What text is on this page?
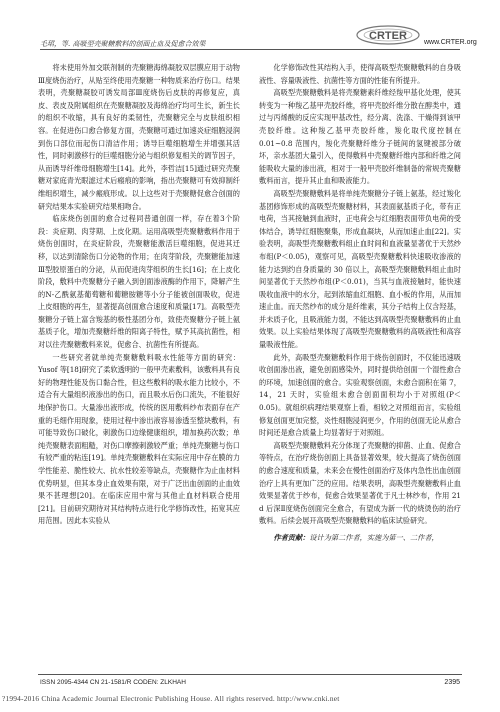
毛珺，等. 高吸型壳聚糖敷料的创面止血及促愈合效果
CRTER
www.CRTER.org

将未使用外加交联剂制的壳聚糖海绵凝胶双层膜应用于动物Ⅲ度烧伤治疗，从贴至终使用壳聚糖一种物质来治疗伤口。结果表明，壳聚糖凝胶可诱发局部Ⅲ度烧伤后皮肤的再修复应，真皮、表皮及附属组织在壳聚糖凝胶及海绵治疗均可生长，新生长的组织不收缩，具有良好的柔韧性，壳聚糖完全与皮肤组织相容。在促进伤口愈合修复方面，壳聚糖可通过加速炎症细胞浸润到伤口部位而起伤口清洁作用；诱导巨噬细胞增生并增强其活性，同时刺激移行的巨噬细胞分泌与组织修复相关的调节因子，从而诱导纤维母细胞增生[14]。此外，李哲洁[15]通过研究壳聚糖对家庭青光眼滤过术后瘢痕的影响，指出壳聚糖可有效抑制纤维组织增生，减少瘢痕形成。以上这些对于壳聚糖促愈合创面的研究结果本实验研究结果相吻合。

临床烧伤创面的愈合过程同普通创面一样，存在着3个阶段：炎症期、肉芽期、上皮化期。运用高吸型壳聚糖敷料作用于烧伤创面时，在炎症阶段，壳聚糖能激活巨噬细胞，促进其迁移，以达到清除伤口分泌物的作用；在肉芽阶段，壳聚糖能加速Ⅲ型胶原蛋白的分泌，从而促进肉芽组织的生长[16]；在上皮化阶段，敷料中壳聚糖分子融入到创面渗液酶的作用下，降解产生的N-乙酰氨基葡萄糖和葡糖胺糖等小分子能被创面吸收，促进上皮细胞的再生，显著提高创面愈合速度和质量[17]。高吸型壳聚糖分子链上富含羧基的极性基团分布，致使壳聚糖分子链上氨基质子化，增加壳聚糖纤维的阳离子特性，赋予其高抗菌性，相对以往壳聚糖敷料来说，促愈合、抗菌性有所提高。

一些研究者就单纯壳聚糖敷料吸水性能等方面的研究：Yusof 等[18]研究了柔软透明的一般甲壳素敷料，该敷料具有良好的物理性能及伤口黏合性，但这些敷料的吸水能力比较小，不适合有大量组织液渗出的伤口，而且吸水后伤口流失，不能很好地保护伤口。大量渗出液形成，传统的医用敷料纱布表面存在产重的毛细作用现象，使用过程中渗出液容易渗透至整块敷料，有可能导致伤口破化，刺激伤口边缘健康组织，增加换药次数；单纯壳聚糖表面粗糙，对伤口摩擦刺激较严重；单纯壳聚糖与伤口有较严重的粘连[19]。单纯壳聚糖敷料在实际应用中存在膜的力学性能差、脆性较大、抗水性较差等缺点，壳聚糖作为止血材料优势明显，但其本身止血效果有限，对于广泛出血创面的止血效果不甚理想[20]。在临床应用中常与其他止血材料联合使用[21]。目前研究期待对其结构特点进行化学修饰改性，拓宽其应用范围。因此本实验从

化学修饰改性其结构入手，使得高吸型壳聚糖敷料的自身吸液性、容量吸液性、抗菌性等方面的性能有所提升。

高吸型壳聚糖敷料是将壳聚糖素纤维经羧甲基化处理，使其转变为一种羧乙基甲壳胶纤维，将甲壳胶纤维分散在醇类中，通过与丙烯酸的反应实现甲基改性，经分离、洗涤、干燥得到该甲壳胶纤维。这种羧乙基甲壳胶纤维，羧化取代度控制在 0.01~0.8 范围内，羧化壳聚糖纤维分子链间的氢键被部分破坏，亲水基团大量引入，使得敷料中壳聚糖纤维内部和纤维之间能吸收大量的渗出液，相对于一般甲壳胶纤维制备的常规壳聚糖敷料而言，提升其止血和吸液能力。

高吸型壳聚糖敷料是将单纯壳聚糖分子链上氨基，经过羧化基团修饰形成的高吸型壳聚糖材料，其表面氨基质子化，带有正电荷，当其接触到血液时，正电荷会与红细胞表面带负电荷的受体结合，诱导红细胞聚集，形成血凝块，从而加速止血[22]。实验表明，高吸型壳聚糖敷料组止血时间和血液量显著优于天然纱布组(P＜0.05)，观察可见，高吸型壳聚糖敷料快速吸收渗液的能力达到约自身质量的 30 倍以上，高吸型壳聚糖敷料组止血时间显著优于天然纱布组(P＜0.01)，当其与血液接触时，能快速吸收血液中的水分，起到浓缩血红细胞、血小板的作用，从而加速止血。而天然纱布的成分是纤维素，其分子结构上仅含羟基，并未质子化，且吸液能力弱，不能达到高吸型壳聚糖敷料的止血效果。以上实验结果体现了高吸型壳聚糖敷料的高吸液性和高容量吸液性能。

此外，高吸型壳聚糖敷料作用于烧伤创面时，不仅能迅速吸收创面渗出液，避免创面感染外，同时提供给创面一个湿性愈合的环境，加速创面的愈合。实验观察创面，未愈合面积在第 7，14，21 天时，实验组未愈合创面面积均小于对照组(P＜0.05)。就组织病理结果观察上看，相较之对照组而言，实验组修复创面更加完整，炎性细胞浸润更少，作用的创面无论从愈合时间还是愈合质量上均显著好于对照组。

高吸型壳聚糖敷料充分体现了壳聚糖的抑菌、止血、促愈合等特点，在治疗烧伤创面上具备显著效果，较大提高了烧伤创面的愈合速度和质量，未来会在慢性创面治疗及体内急性出血创面治疗上具有更加广泛的应用。结果表明，高吸型壳聚糖敷料止血效果显著优于纱布，促愈合效果显著优于凡士林纱布，作用 21 d 后深Ⅱ度烧伤创面完全愈合，有望成为新一代的烧烫伤的治疗敷料。后续会展开高吸型壳聚糖敷料的临床试验研究。

作者贡献：设计为第二作者，实施为第一、二作者，

ISSN 2095-4344 CN 21-1581/R CODEN: ZLKHAH	2395
?1994-2016 China Academic Journal Electronic Publishing House. All rights reserved. http://www.cnki.net
